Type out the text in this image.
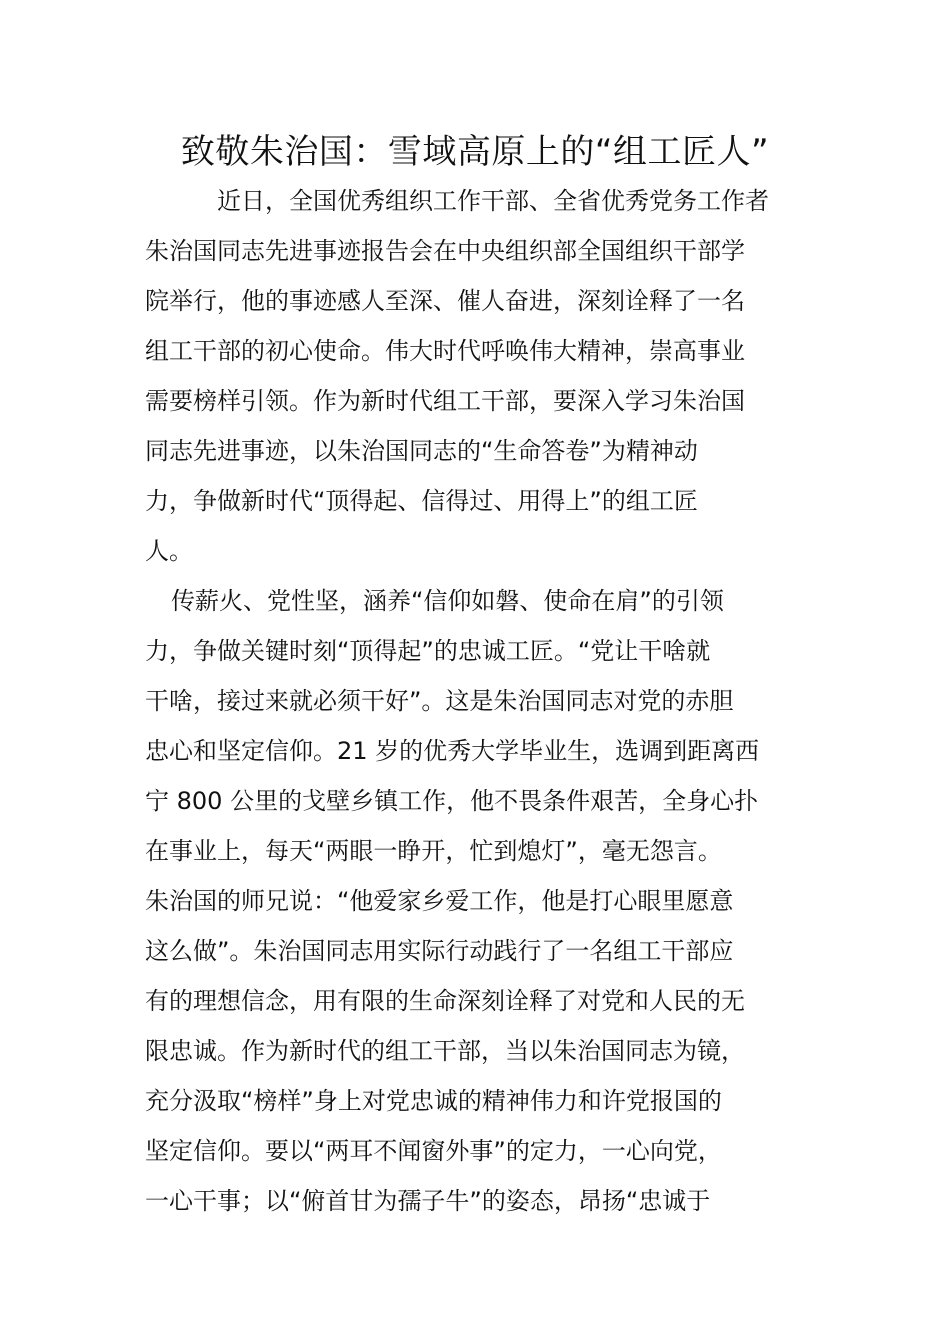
致敬朱治国：雪域高原上的“组工匠人”
近日，全国优秀组织工作干部、全省优秀党务工作者
朱治国同志先进事迹报告会在中央组织部全国组织干部学
院举行，他的事迹感人至深、催人奋进，深刻诠释了一名
组工干部的初心使命。伟大时代呼唤伟大精神，崇高事业
需要榜样引领。作为新时代组工干部，要深入学习朱治国
同志先进事迹，以朱治国同志的“生命答卷”为精神动
力，争做新时代“顶得起、信得过、用得上”的组工匠
人。
传薪火、党性坚，涵养“信仰如磐、使命在肩”的引领
力，争做关键时刻“顶得起”的忠诚工匠。“党让干啥就
干啥，接过来就必须干好”。这是朱治国同志对党的赤胆
忠心和坚定信仰。21 岁的优秀大学毕业生，选调到距离西
宁 800 公里的戈壁乡镇工作，他不畏条件艰苦，全身心扑
在事业上，每天“两眼一睁开，忙到熄灯”，毫无怨言。
朱治国的师兄说：“他爱家乡爱工作，他是打心眼里愿意
这么做”。朱治国同志用实际行动践行了一名组工干部应
有的理想信念，用有限的生命深刻诠释了对党和人民的无
限忠诚。作为新时代的组工干部，当以朱治国同志为镜，
充分汲取“榜样”身上对党忠诚的精神伟力和许党报国的
坚定信仰。要以“两耳不闻窗外事”的定力，一心向党，
一心干事；以“俯首甘为孺子牛”的姿态，昂扬“忠诚于
